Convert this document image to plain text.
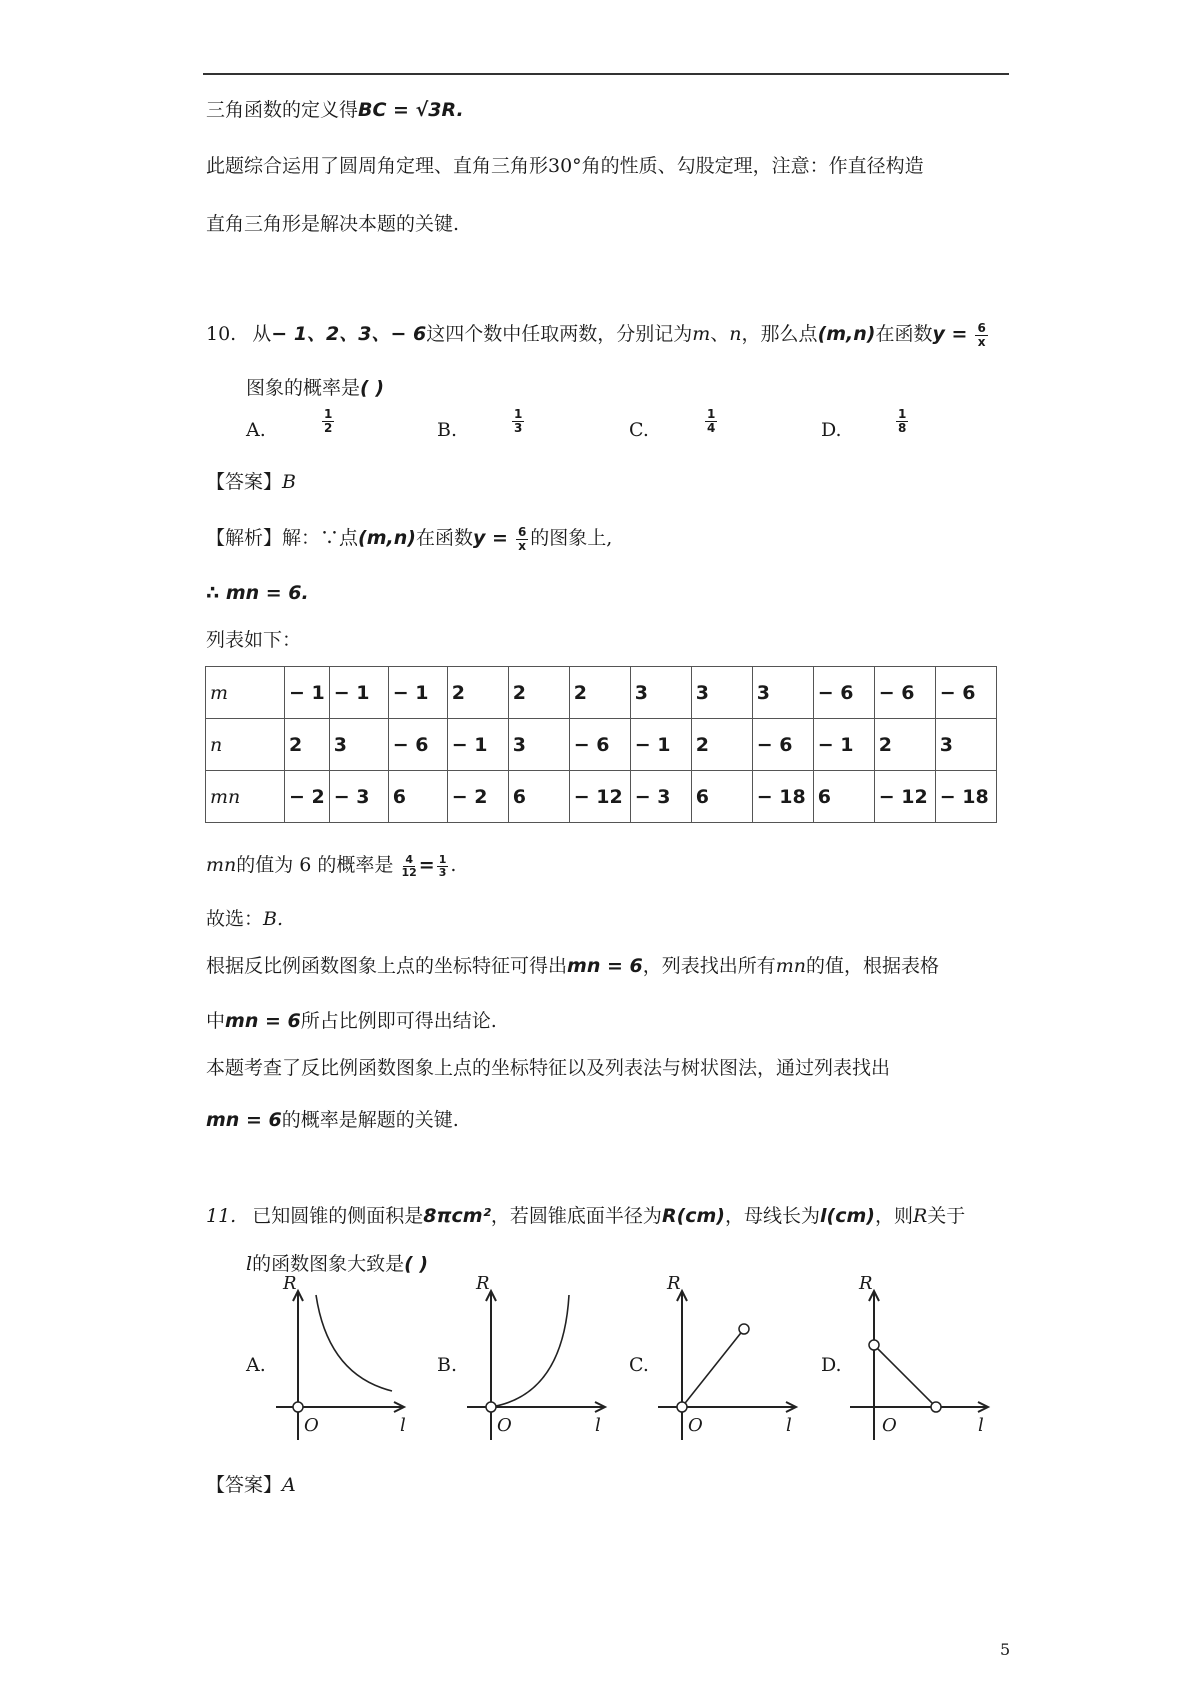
三角函数的定义得BC = √3R.
此题综合运用了圆周角定理、直角三角形30°角的性质、勾股定理，注意：作直径构造
直角三角形是解决本题的关键.
10. 从− 1、2、3、− 6这四个数中任取两数，分别记为m、n，那么点(m,n)在函数$y = \frac{6}{x}$
图象的概率是( )
A.	$\frac{1}{2}$	B.	$\frac{1}{3}$	C.	$\frac{1}{4}$	D.	$\frac{1}{8}$
【答案】B
【解析】解：∵点(m,n)在函数$y = \frac{6}{x}$ 的图象上,
∴ mn = 6.
列表如下：
m	− 1	− 1	− 1	2	2	2	3	3	3	− 6	− 6	− 6
n	2	3	− 6	− 1	3	− 6	− 1	2	− 6	− 1	2	3
mn	− 2	− 3	6	− 2	6	− 12	− 3	6	− 18	6	− 12	− 18
mn的值为 6 的概率是 $\frac{4}{12} = \frac{1}{3}$ .
故选：B.
根据反比例函数图象上点的坐标特征可得出mn = 6，列表找出所有mn的值，根据表格
中mn = 6所占比例即可得出结论.
本题考查了反比例函数图象上点的坐标特征以及列表法与树状图法，通过列表找出
mn = 6的概率是解题的关键.
11. 已知圆锥的侧面积是8πcm²，若圆锥底面半径为R(cm)，母线长为l(cm)，则R关于
l的函数图象大致是( )
A.	B.	C.	D.
R
O	l
R
O	l
R
O	l
R
O	l
【答案】A
5
